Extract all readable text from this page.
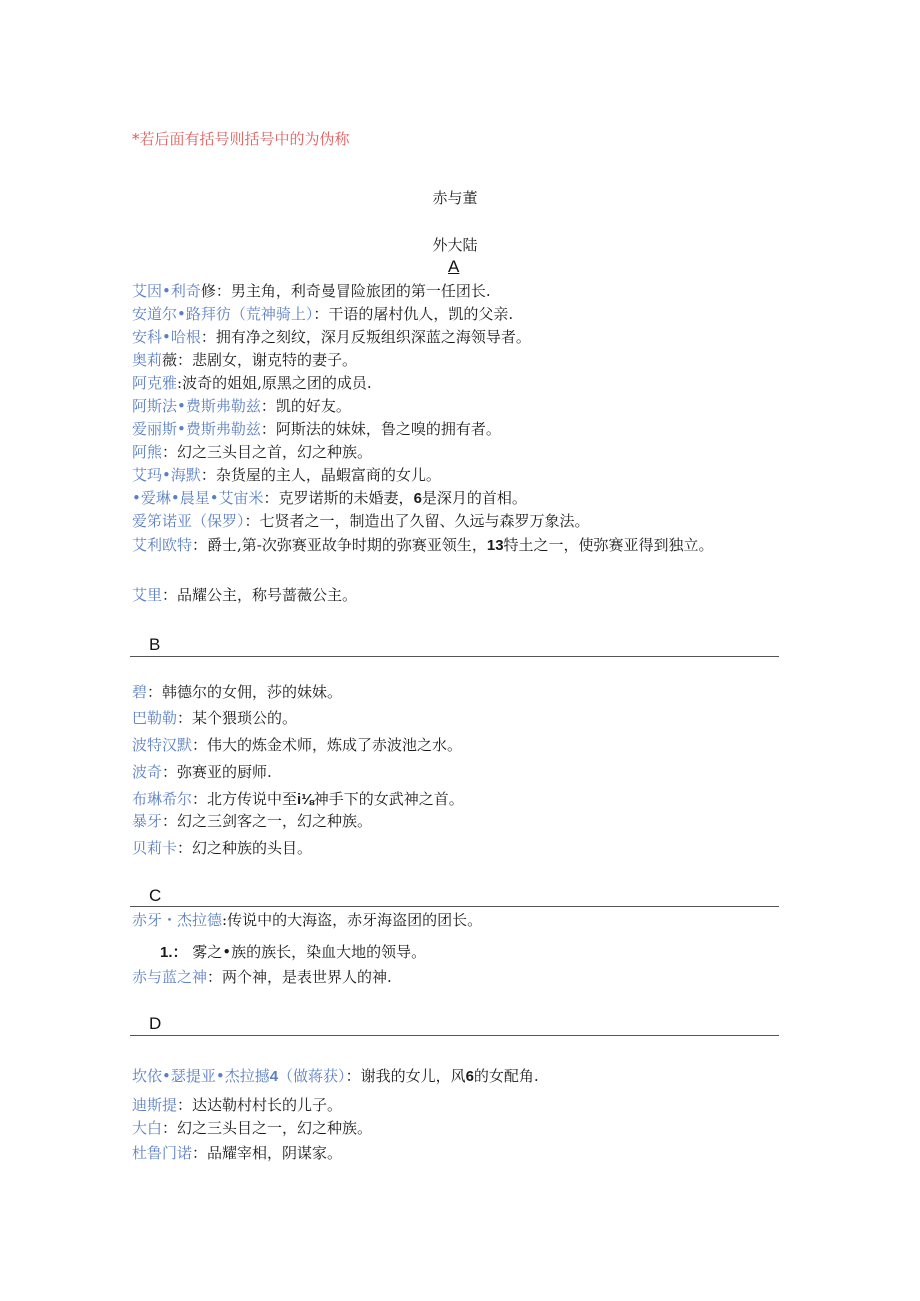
*若后面有括号则括号中的为伪称
赤与董
外大陆
A
艾因•利奇修：男主角，利奇曼冒险旅团的第一任团长.
安道尔•路拜彷（荒神骑上）：干语的屠村仇人，凯的父亲.
安科•哈根：拥有净之刻纹，深月反叛组织深蓝之海领导者。
奥莉薇：悲剧女，谢克特的妻子。
阿克雅:波奇的姐姐,原黑之团的成员.
阿斯法•费斯弗勒兹：凯的好友。
爱丽斯•费斯弗勒兹：阿斯法的妹妹，鲁之嗅的拥有者。
阿熊：幻之三头目之首，幻之种族。
艾玛•海默：杂货屋的主人，晶蝦富商的女儿。
•爱琳•晨星•艾宙米：克罗诺斯的未婚妻，6是深月的首相。
爱笫诺亚（保罗）：七贤者之一，制造出了久留、久远与森罗万象法。
艾利欧特：爵士,第-次弥赛亚故争时期的弥赛亚领生，13特土之一，使弥赛亚得到独立。
艾里：品耀公主，称号蔷薇公主。
B
碧：韩德尔的女佣，莎的妹妹。
巴勒勒：某个猥琐公的。
波特汉默：伟大的炼金术师，炼成了赤波池之水。
波奇：弥赛亚的厨师.
布琳希尔：北方传说中至i⅛神手下的女武神之首。
暴牙：幻之三剑客之一，幻之种族。
贝莉卡：幻之种族的头目。
C
赤牙・杰拉德:传说中的大海盗，赤牙海盗团的团长。
1.： 雾之•族的族长，染血大地的领导。
赤与蓝之神：两个神，是表世界人的神.
D
坎依•瑟提亚•杰拉撼4（做蒋获）：谢我的女儿，风6的女配角.
迪斯提：达达勒村村长的儿子。
大白：幻之三头目之一，幻之种族。
杜鲁门诺：品耀宰相，阴谋家。
